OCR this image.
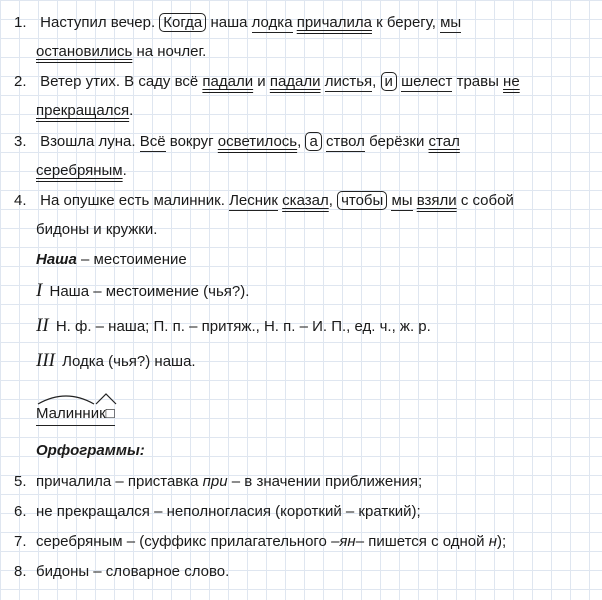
1. Наступил вечер. Когда наша лодка причалила к берегу, мы
остановились на ночлег.
2. Ветер утих. В саду всё падали и падали листья, и шелест травы не
прекращался.
3. Взошла луна. Всё вокруг осветилось, а ствол берёзки стал
серебряным.
4. На опушке есть малинник. Лесник сказал, чтобы мы взяли с собой
бидоны и кружки.
Наша – местоимение
I Наша – местоимение (чья?).
II Н. ф. – наша; П. п. – притяж., Н. п. – И. П., ед. ч., ж. р.
III Лодка (чья?) наша.
Малинник□
Орфограммы:
5. причалила – приставка при – в значении приближения;
6. не прекращался – неполногласия (короткий – краткий);
7. серебряным – (суффикс прилагательного –ян– пишется с одной н);
8. бидоны – словарное слово.
